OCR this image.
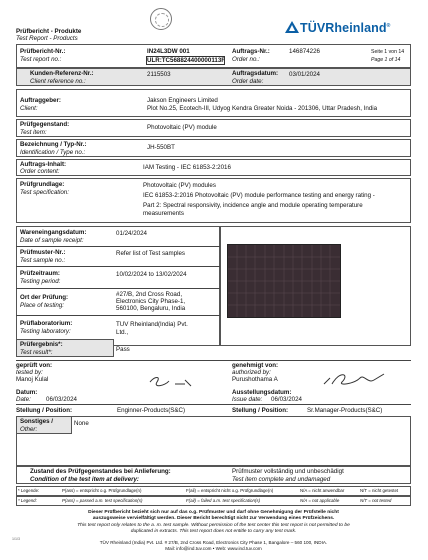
Prüfbericht - Produkte
Test Report - Products
TÜVRheinland®
Prüfbericht-Nr.:
Test report no.:
IN24L3DW 001
ULR:TC568824400000113F
Auftrags-Nr.:
Order no.:
146874226	Seite 1 von 14
Page 1 of 14
Kunden-Referenz-Nr.:
Client reference no.:
2115503	Auftragsdatum:
Order date:
03/01/2024
Auftraggeber:
Client:
Jakson Engineers Limited
Plot No.25, Ecotech-III, Udyog Kendra Greater Noida - 201306, Uttar Pradesh, India
Prüfgegenstand:
Test item:
Photovoltaic (PV) module
Bezeichnung / Typ-Nr.:
Identification / Type no.:
JH-550BT
Auftrags-Inhalt:
Order content:
IAM Testing - IEC 61853-2:2016
Prüfgrundlage:
Test specification:
Photovoltaic (PV) modules
IEC 61853-2:2016 Photovoltaic (PV) module performance testing and energy rating -
Part 2: Spectral responsivity, incidence angle and module operating temperature
measurements
Wareneingangsdatum:
Date of sample receipt:
01/24/2024
Prüfmuster-Nr.:
Test sample no.:
Refer list of Test samples
Prüfzeitraum:
Testing period:
10/02/2024 to 13/02/2024
Ort der Prüfung:
Place of testing:
#27/B, 2nd Cross Road,
Electronics City Phase-1,
560100, Bengaluru, India
Prüflaboratorium:
Testing laboratory:
TUV Rheinland(India) Pvt.
Ltd.,
Prüfergebnis*:
Test result*:	Pass
geprüft von:
tested by:
Manoj Kulal
Datum:
Date: 06/03/2024
genehmigt von:
authorized by:
Purushothama A
Ausstellungsdatum:
Issue date: 06/03/2024
Stellung / Position:	Enginner-Products(S&C)	Stellung / Position:	Sr.Manager-Products(S&C)
Sonstiges /
Other:
None
Zustand des Prüfgegenstandes bei Anlieferung:
Condition of the test item at delivery:
Prüfmuster vollständig und unbeschädigt
Test item complete and undamaged
* Legende:	P(ass) = entspricht o.g. Prüfgrundlage(n)	F(ail) = entspricht nicht o.g. Prüfgrundlage(n)	N/A = nicht anwendbar	N/T = nicht getestet
* Legend:	P(ass) = passed a.m. test specification(s)	F(ail) = failed a.m. test specification(s)	N/A = not applicable	N/T = not tested
Dieser Prüfbericht bezieht sich nur auf das o.g. Prüfmuster und darf ohne Genehmigung der Prüfstelle nicht
auszugsweise vervielfältigt werden. Dieser Bericht berechtigt nicht zur Verwendung eines Prüfzeichens.
This test report only relates to the a. m. test sample. Without permission of the test center this test report is not permitted to be
duplicated in extracts. This test report does not entitle to carry any test mark.
1/1/3
TÜV Rheinland (India) Pvt. Ltd. # 27/B, 2nd Cross Road, Electronics City Phase 1, Bangalore – 560 100, INDIA.
Mail: info@ind.tuv.com • Web: www.ind.tuv.com
